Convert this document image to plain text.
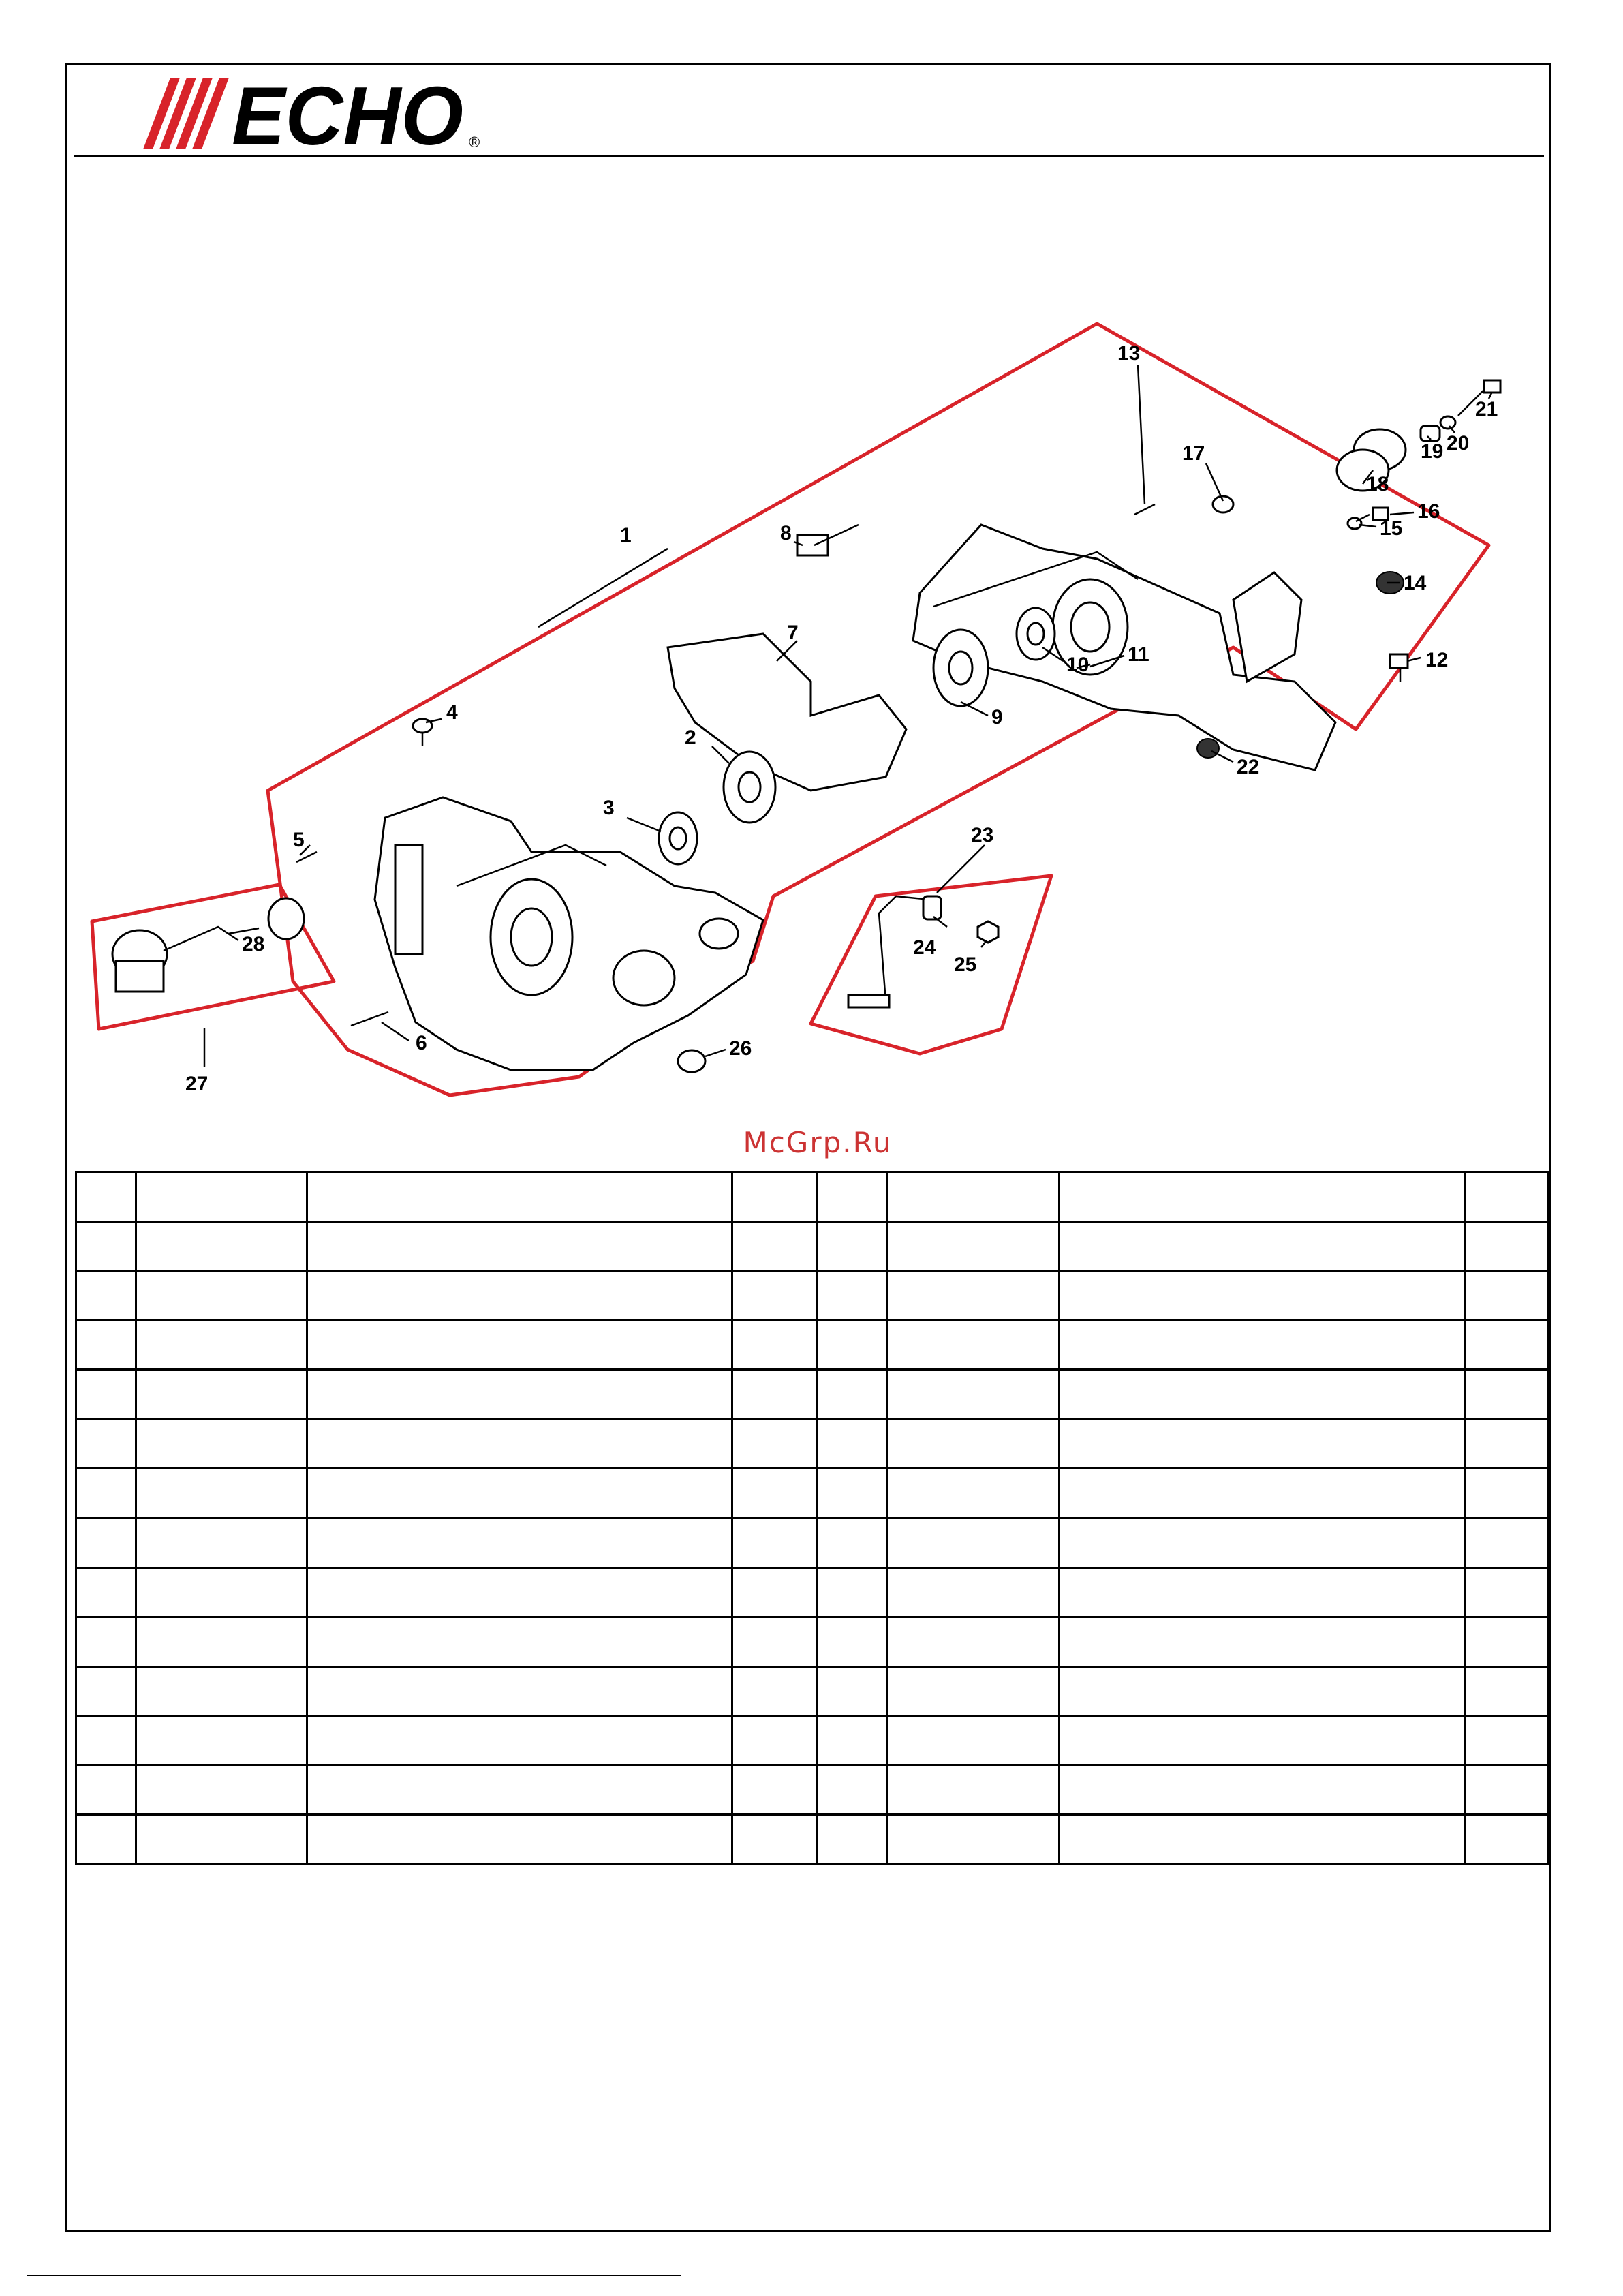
ECHO ®
1
2
3
4
5
6
7
8
9
10 11	12
13
14
15
16
17
18
19 20
21
22
23
24
25
26
27
28
McGrp.Ru
